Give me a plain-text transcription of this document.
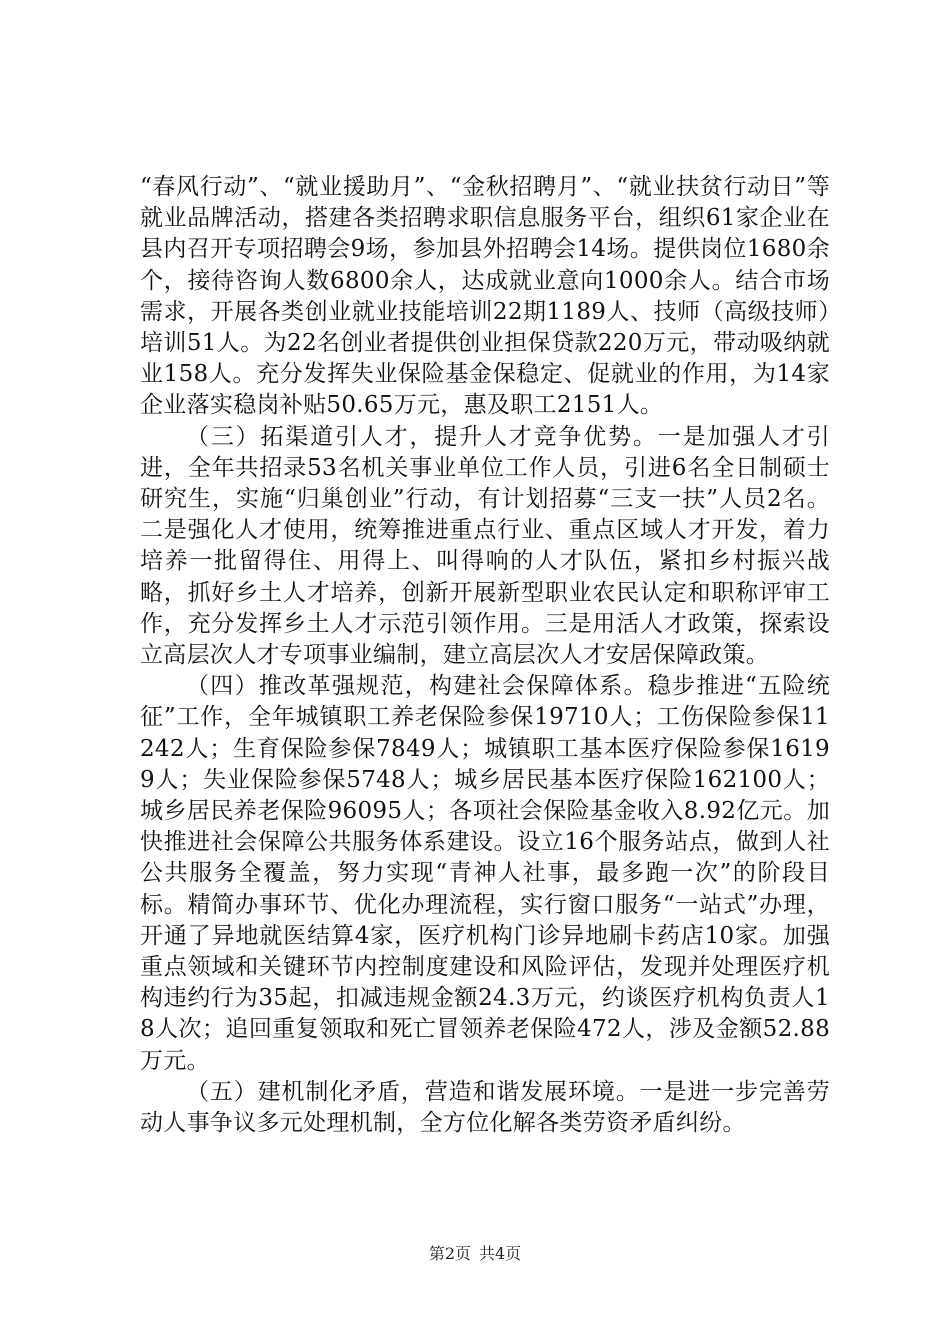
“春风行动”、“就业援助月”、“金秋招聘月”、“就业扶贫行动日”等就业品牌活动，搭建各类招聘求职信息服务平台，组织61家企业在县内召开专项招聘会9场，参加县外招聘会14场。提供岗位1680余个，接待咨询人数6800余人，达成就业意向1000余人。结合市场需求，开展各类创业就业技能培训22期1189人、技师（高级技师）培训51人。为22名创业者提供创业担保贷款220万元，带动吸纳就业158人。充分发挥失业保险基金保稳定、促就业的作用，为14家企业落实稳岗补贴50.65万元，惠及职工2151人。

（三）拓渠道引人才，提升人才竞争优势。一是加强人才引进，全年共招录53名机关事业单位工作人员，引进6名全日制硕士研究生，实施“归巢创业”行动，有计划招募“三支一扶”人员2名。二是强化人才使用，统筹推进重点行业、重点区域人才开发，着力培养一批留得住、用得上、叫得响的人才队伍，紧扣乡村振兴战略，抓好乡土人才培养，创新开展新型职业农民认定和职称评审工作，充分发挥乡土人才示范引领作用。三是用活人才政策，探索设立高层次人才专项事业编制，建立高层次人才安居保障政策。

（四）推改革强规范，构建社会保障体系。稳步推进“五险统征”工作，全年城镇职工养老保险参保19710人；工伤保险参保11242人；生育保险参保7849人；城镇职工基本医疗保险参保16199人；失业保险参保5748人；城乡居民基本医疗保险162100人；城乡居民养老保险96095人；各项社会保险基金收入8.92亿元。加快推进社会保障公共服务体系建设。设立16个服务站点，做到人社公共服务全覆盖，努力实现“青神人社事，最多跑一次”的阶段目标。精简办事环节、优化办理流程，实行窗口服务“一站式”办理，开通了异地就医结算4家，医疗机构门诊异地刷卡药店10家。加强重点领域和关键环节内控制度建设和风险评估，发现并处理医疗机构违约行为35起，扣减违规金额24.3万元，约谈医疗机构负责人18人次；追回重复领取和死亡冒领养老保险472人，涉及金额52.88万元。

（五）建机制化矛盾，营造和谐发展环境。一是进一步完善劳动人事争议多元处理机制，全方位化解各类劳资矛盾纠纷。

第2页 共4页
